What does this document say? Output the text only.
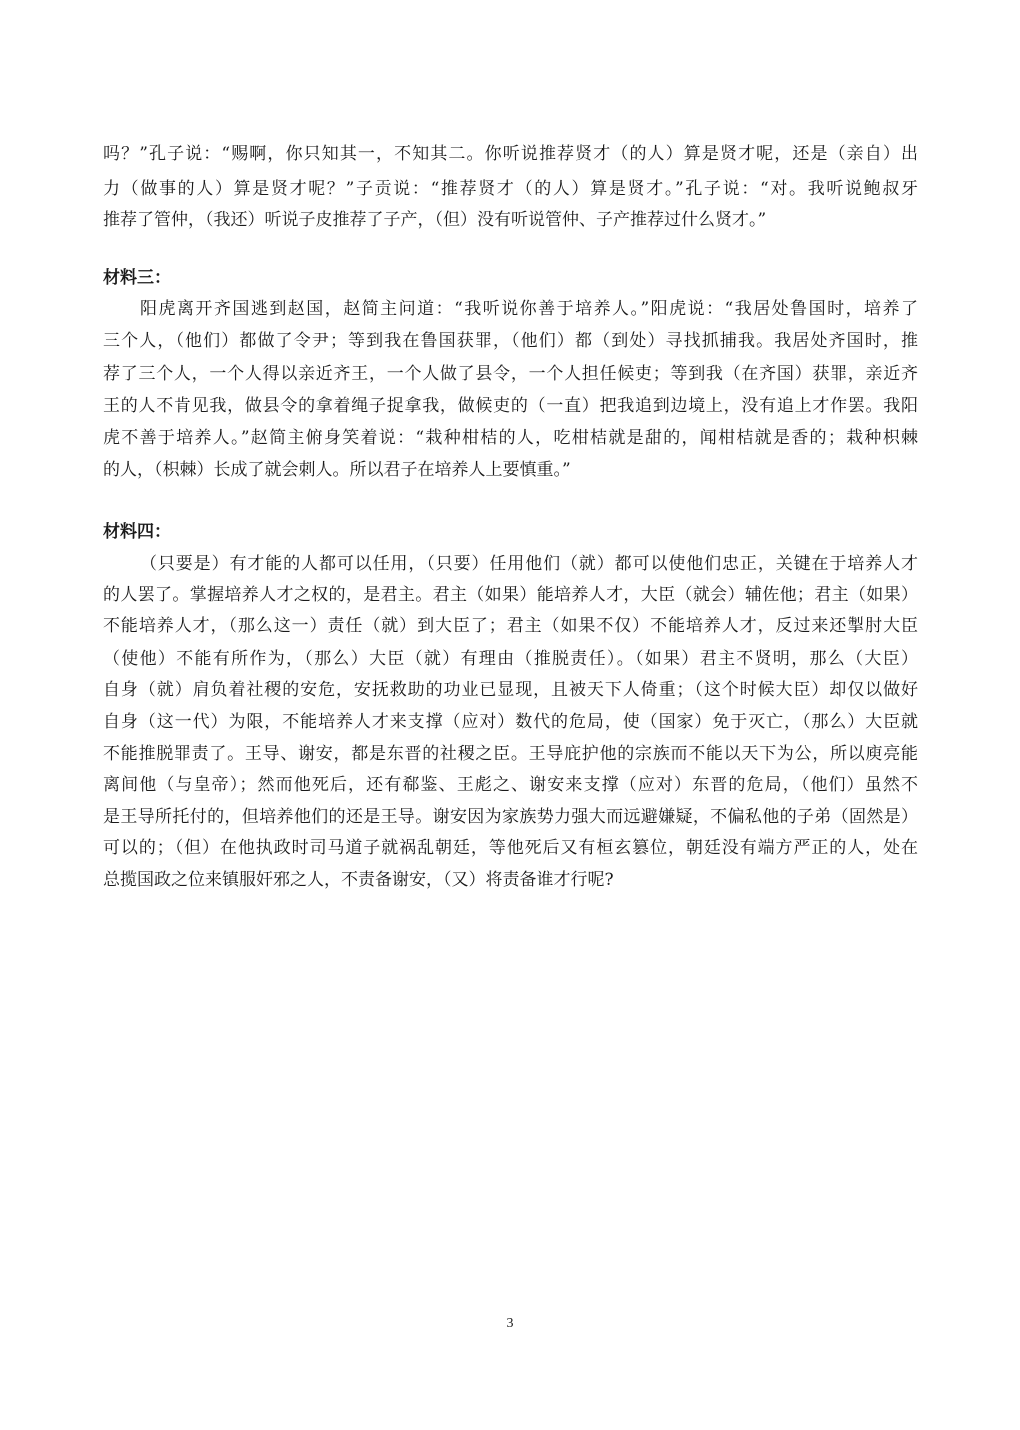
吗？”孔子说：“赐啊，你只知其一，不知其二。你听说推荐贤才（的人）算是贤才呢，还是（亲自）出
力（做事的人）算是贤才呢？”子贡说：“推荐贤才（的人）算是贤才。”孔子说：“对。我听说鲍叔牙
推荐了管仲，（我还）听说子皮推荐了子产，（但）没有听说管仲、子产推荐过什么贤才。”
材料三：
阳虎离开齐国逃到赵国，赵简主问道：“我听说你善于培养人。”阳虎说：“我居处鲁国时，培养了
三个人，（他们）都做了令尹；等到我在鲁国获罪，（他们）都（到处）寻找抓捕我。我居处齐国时，推
荐了三个人，一个人得以亲近齐王，一个人做了县令，一个人担任候吏；等到我（在齐国）获罪，亲近齐
王的人不肯见我，做县令的拿着绳子捉拿我，做候吏的（一直）把我追到边境上，没有追上才作罢。我阳
虎不善于培养人。”赵简主俯身笑着说：“栽种柑桔的人，吃柑桔就是甜的，闻柑桔就是香的；栽种枳棘
的人，（枳棘）长成了就会刺人。所以君子在培养人上要慎重。”
材料四：
（只要是）有才能的人都可以任用，（只要）任用他们（就）都可以使他们忠正，关键在于培养人才
的人罢了。掌握培养人才之权的，是君主。君主（如果）能培养人才，大臣（就会）辅佐他；君主（如果）
不能培养人才，（那么这一）责任（就）到大臣了；君主（如果不仅）不能培养人才，反过来还掣肘大臣
（使他）不能有所作为，（那么）大臣（就）有理由（推脱责任）。（如果）君主不贤明，那么（大臣）
自身（就）肩负着社稷的安危，安抚救助的功业已显现，且被天下人倚重；（这个时候大臣）却仅以做好
自身（这一代）为限，不能培养人才来支撑（应对）数代的危局，使（国家）免于灭亡，（那么）大臣就
不能推脱罪责了。王导、谢安，都是东晋的社稷之臣。王导庇护他的宗族而不能以天下为公，所以庾亮能
离间他（与皇帝）；然而他死后，还有郗鉴、王彪之、谢安来支撑（应对）东晋的危局，（他们）虽然不
是王导所托付的，但培养他们的还是王导。谢安因为家族势力强大而远避嫌疑，不偏私他的子弟（固然是）
可以的；（但）在他执政时司马道子就祸乱朝廷，等他死后又有桓玄篡位，朝廷没有端方严正的人，处在
总揽国政之位来镇服奸邪之人，不责备谢安，（又）将责备谁才行呢?
3
